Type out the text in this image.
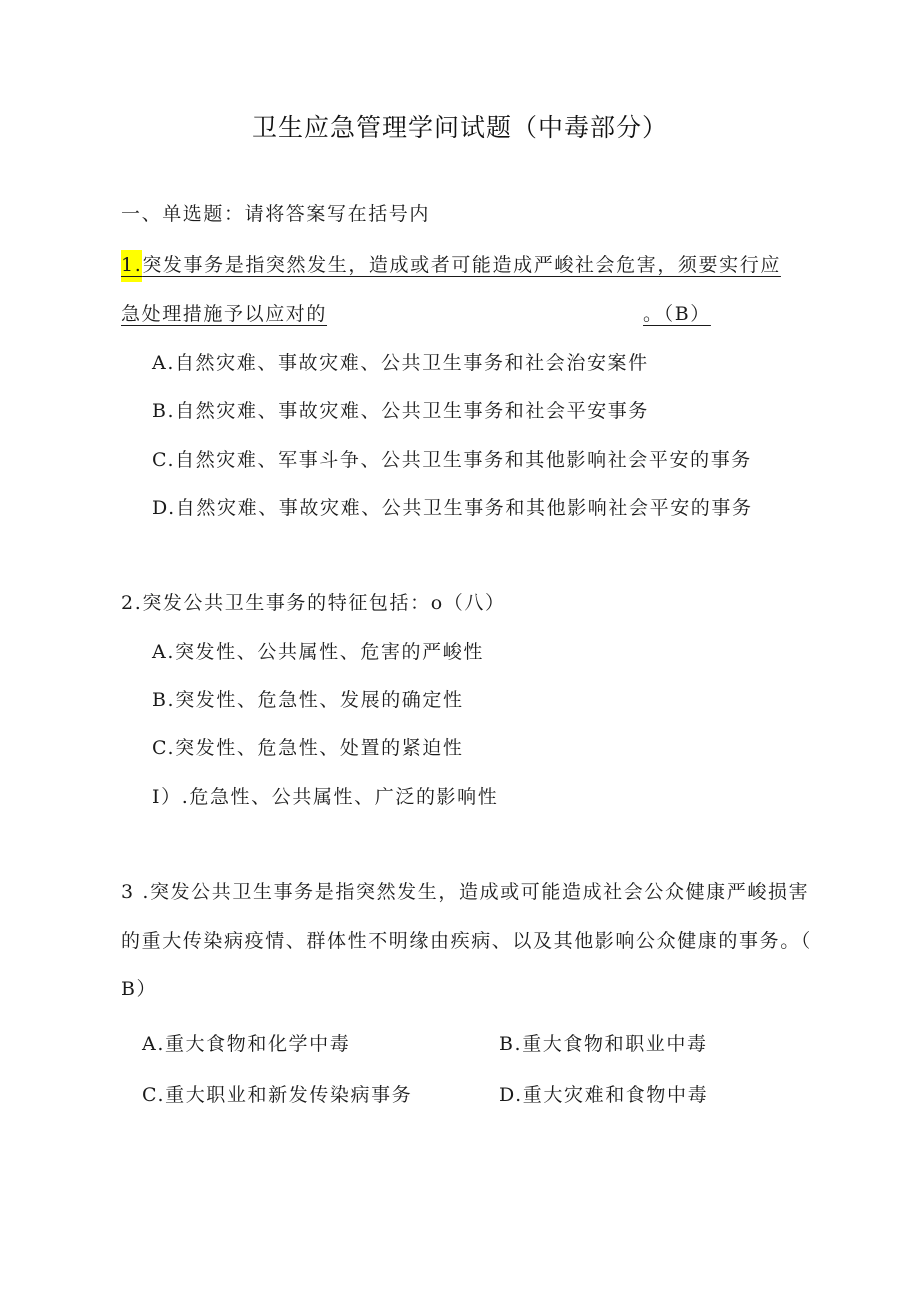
卫生应急管理学问试题（中毒部分）
一、单选题：请将答案写在括号内
1.突发事务是指突然发生，造成或者可能造成严峻社会危害，须要实行应
急处理措施予以应对的	。（B）
A.自然灾难、事故灾难、公共卫生事务和社会治安案件
B.自然灾难、事故灾难、公共卫生事务和社会平安事务
C.自然灾难、军事斗争、公共卫生事务和其他影响社会平安的事务
D.自然灾难、事故灾难、公共卫生事务和其他影响社会平安的事务
2.突发公共卫生事务的特征包括：o（八）
A.突发性、公共属性、危害的严峻性
B.突发性、危急性、发展的确定性
C.突发性、危急性、处置的紧迫性
I）.危急性、公共属性、广泛的影响性
3 .突发公共卫生事务是指突然发生，造成或可能造成社会公众健康严峻损害
的重大传染病疫情、群体性不明缘由疾病、以及其他影响公众健康的事务。（
B）
A.重大食物和化学中毒	B.重大食物和职业中毒
C.重大职业和新发传染病事务	D.重大灾难和食物中毒
